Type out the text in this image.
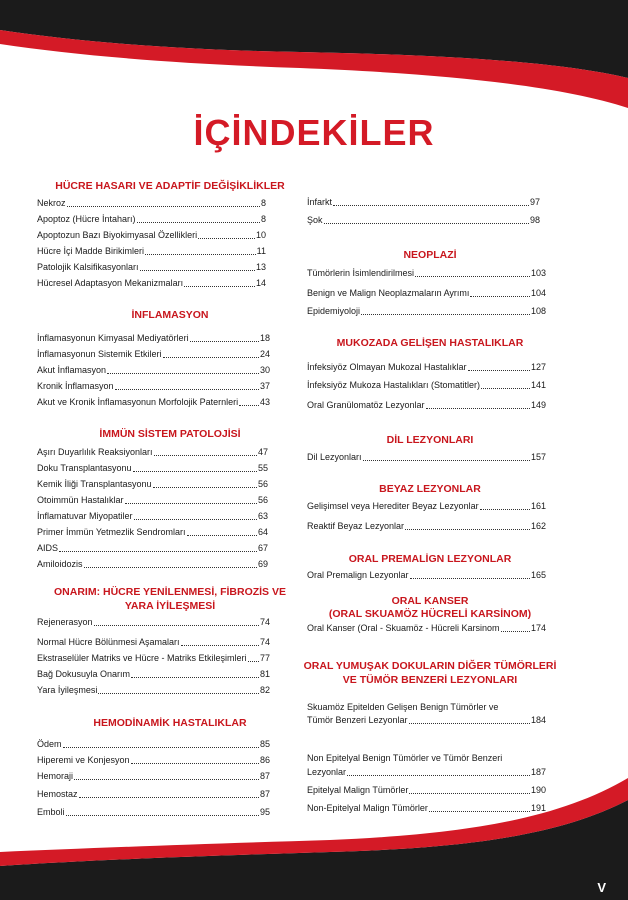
İÇİNDEKİLER
HÜCRE HASARI VE ADAPTİF DEĞİŞİKLİKLER
Nekroz	8
Apoptoz (Hücre İntaharı)	8
Apoptozun Bazı Biyokimyasal Özellikleri	10
Hücre İçi Madde Birikimleri	11
Patolojik Kalsifikasyonları	13
Hücresel Adaptasyon Mekanizmaları	14
İNFLAMASYON
İnflamasyonun Kimyasal Mediyatörleri	18
İnflamasyonun Sistemik Etkileri	24
Akut İnflamasyon	30
Kronik İnflamasyon	37
Akut ve Kronik İnflamasyonun Morfolojik Paternleri 43
İMMÜN SİSTEM PATOLOJİSİ
Aşırı Duyarlılık Reaksiyonları	47
Doku Transplantasyonu	55
Kemik İliği Transplantasyonu	56
Otoimmün Hastalıklar	56
İnflamatuvar Miyopatiler	63
Primer İmmün Yetmezlik Sendromları	64
AIDS	67
Amiloidozis	69
ONARIM: HÜCRE YENİLENMESİ, FİBROZİS VE
YARA İYİLEŞMESİ
Rejenerasyon	74
Normal Hücre Bölünmesi Aşamaları	74
Ekstraselüler Matriks ve Hücre - Matriks Etkileşimleri 77
Bağ Dokusuyla Onarım	81
Yara İyileşmesi	82
HEMODİNAMİK HASTALIKLAR
Ödem	85
Hiperemi ve Konjesyon	86
Hemoraji	87
Hemostaz	87
Emboli	95
İnfarkt	97
Şok	98
NEOPLAZİ
Tümörlerin İsimlendirilmesi	103
Benign ve Malign Neoplazmaların Ayrımı	104
Epidemiyoloji	108
MUKOZADA GELİŞEN HASTALIKLAR
İnfeksiyöz Olmayan Mukozal Hastalıklar	127
İnfeksiyöz Mukoza Hastalıkları (Stomatitler)	141
Oral Granülomatöz Lezyonlar	149
DİL LEZYONLARI
Dil Lezyonları	157
BEYAZ LEZYONLAR
Gelişimsel veya Herediter Beyaz Lezyonlar	161
Reaktif Beyaz Lezyonlar	162
ORAL PREMALİGN LEZYONLAR
Oral Premalign Lezyonlar	165
ORAL KANSER
(ORAL SKUAMÖZ HÜCRELİ KARSİNOM)
Oral Kanser (Oral - Skuamöz - Hücreli Karsinom	174
ORAL YUMUŞAK DOKULARIN DİĞER TÜMÖRLERİ
VE TÜMÖR BENZERİ LEZYONLARI
Skuamöz Epitelden Gelişen Benign Tümörler ve
Tümör Benzeri Lezyonlar	184
Non Epitelyal Benign Tümörler ve Tümör Benzeri
Lezyonlar	187
Epitelyal Malign Tümörler	190
Non-Epitelyal Malign Tümörler	191
V
